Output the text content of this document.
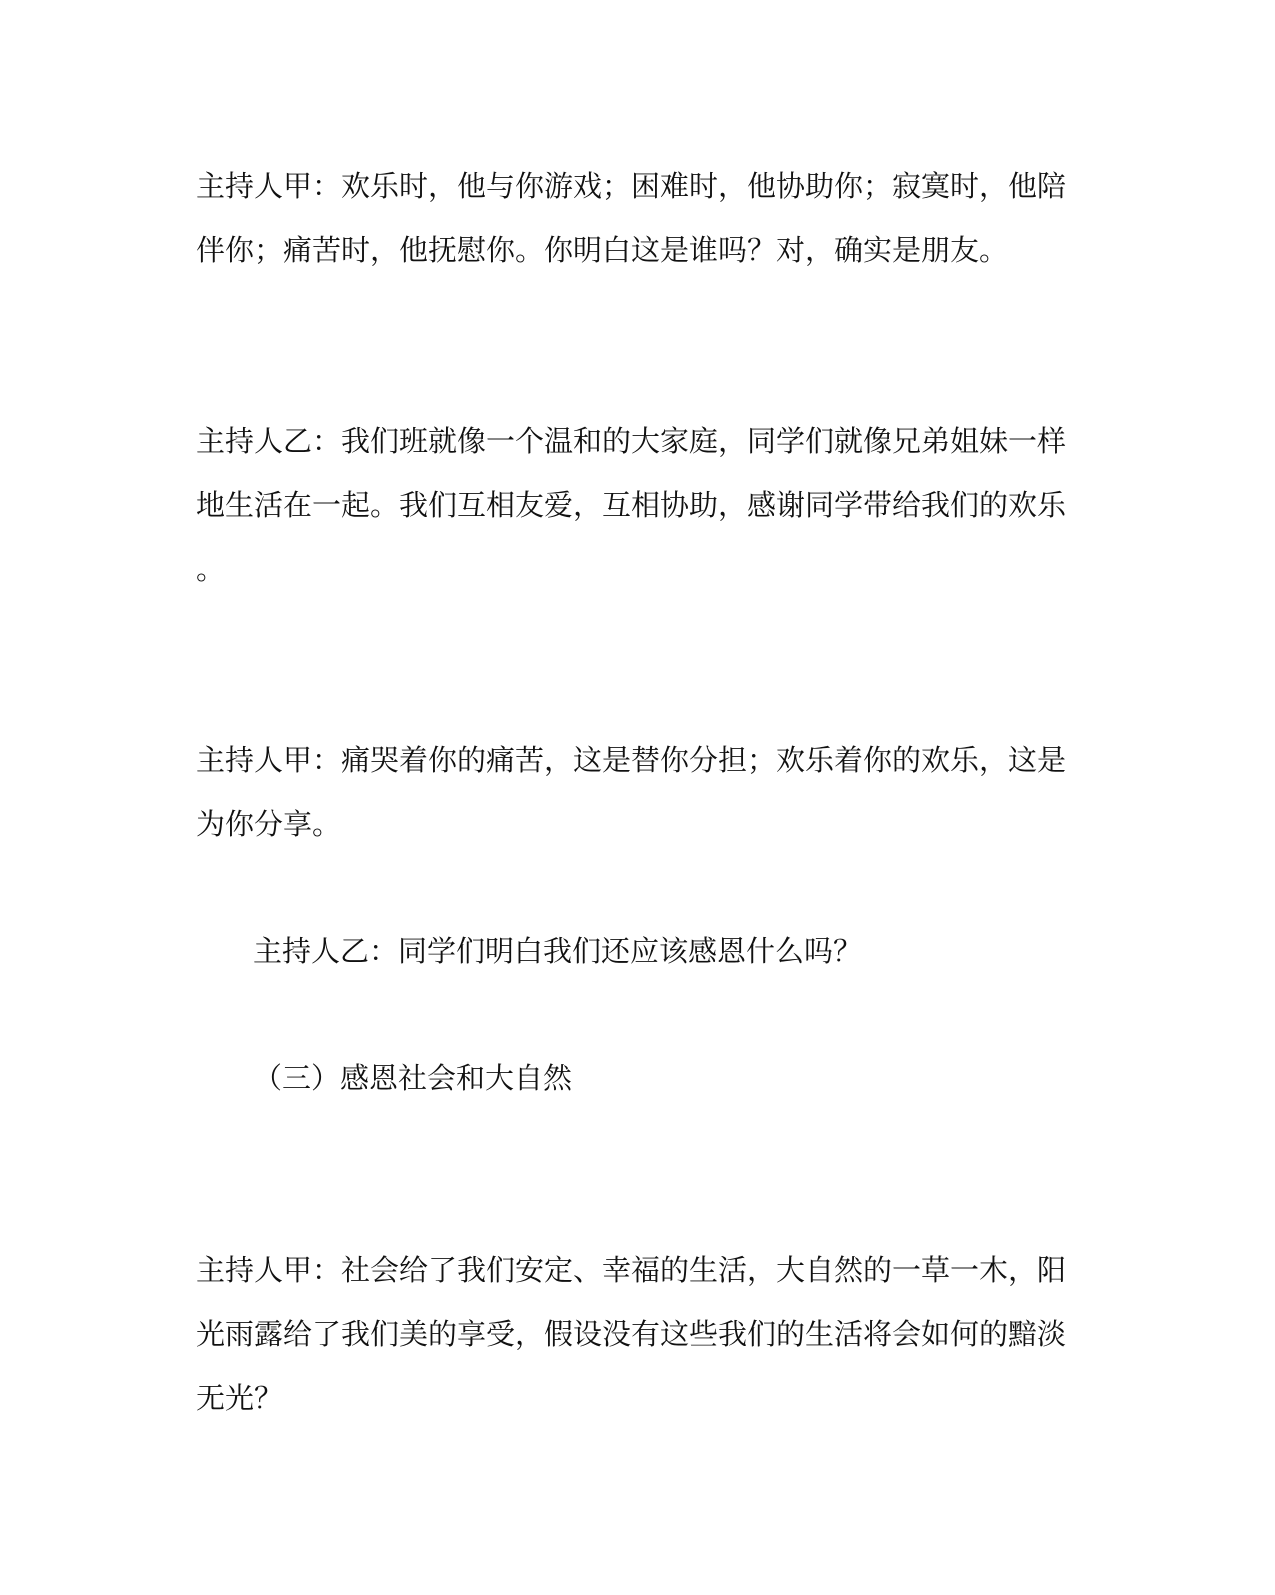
主持人甲：欢乐时，他与你游戏；困难时，他协助你；寂寞时，他陪
伴你；痛苦时，他抚慰你。你明白这是谁吗？对，确实是朋友。
主持人乙：我们班就像一个温和的大家庭，同学们就像兄弟姐妹一样
地生活在一起。我们互相友爱，互相协助，感谢同学带给我们的欢乐
。
主持人甲：痛哭着你的痛苦，这是替你分担；欢乐着你的欢乐，这是
为你分享。
主持人乙：同学们明白我们还应该感恩什么吗？
（三）感恩社会和大自然
主持人甲：社会给了我们安定、幸福的生活，大自然的一草一木，阳
光雨露给了我们美的享受，假设没有这些我们的生活将会如何的黯淡
无光？
